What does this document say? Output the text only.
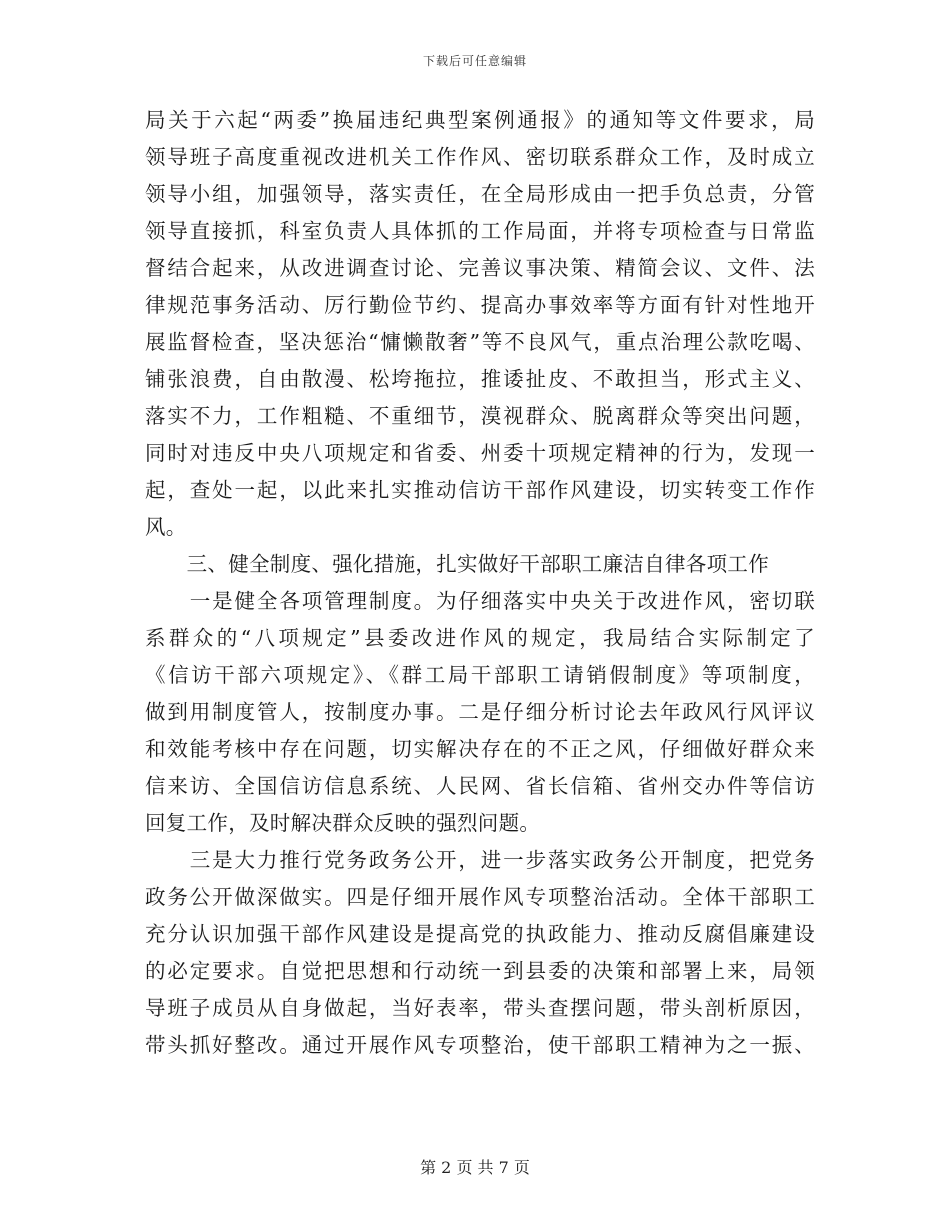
下载后可任意编辑
局关于六起“两委”换届违纪典型案例通报》的通知等文件要求，局
领导班子高度重视改进机关工作作风、密切联系群众工作，及时成立
领导小组，加强领导，落实责任，在全局形成由一把手负总责，分管
领导直接抓，科室负责人具体抓的工作局面，并将专项检查与日常监
督结合起来，从改进调查讨论、完善议事决策、精简会议、文件、法
律规范事务活动、厉行勤俭节约、提高办事效率等方面有针对性地开
展监督检查，坚决惩治“慵懒散奢”等不良风气，重点治理公款吃喝、
铺张浪费，自由散漫、松垮拖拉，推诿扯皮、不敢担当，形式主义、
落实不力，工作粗糙、不重细节，漠视群众、脱离群众等突出问题，
同时对违反中央八项规定和省委、州委十项规定精神的行为，发现一
起，查处一起，以此来扎实推动信访干部作风建设，切实转变工作作
风。
　　三、健全制度、强化措施，扎实做好干部职工廉洁自律各项工作
　　一是健全各项管理制度。为仔细落实中央关于改进作风，密切联
系群众的“八项规定”县委改进作风的规定，我局结合实际制定了
《信访干部六项规定》、《群工局干部职工请销假制度》等项制度，
做到用制度管人，按制度办事。二是仔细分析讨论去年政风行风评议
和效能考核中存在问题，切实解决存在的不正之风，仔细做好群众来
信来访、全国信访信息系统、人民网、省长信箱、省州交办件等信访
回复工作，及时解决群众反映的强烈问题。
　　三是大力推行党务政务公开，进一步落实政务公开制度，把党务
政务公开做深做实。四是仔细开展作风专项整治活动。全体干部职工
充分认识加强干部作风建设是提高党的执政能力、推动反腐倡廉建设
的必定要求。自觉把思想和行动统一到县委的决策和部署上来，局领
导班子成员从自身做起，当好表率，带头查摆问题，带头剖析原因，
带头抓好整改。通过开展作风专项整治，使干部职工精神为之一振、
第 2 页 共 7 页
